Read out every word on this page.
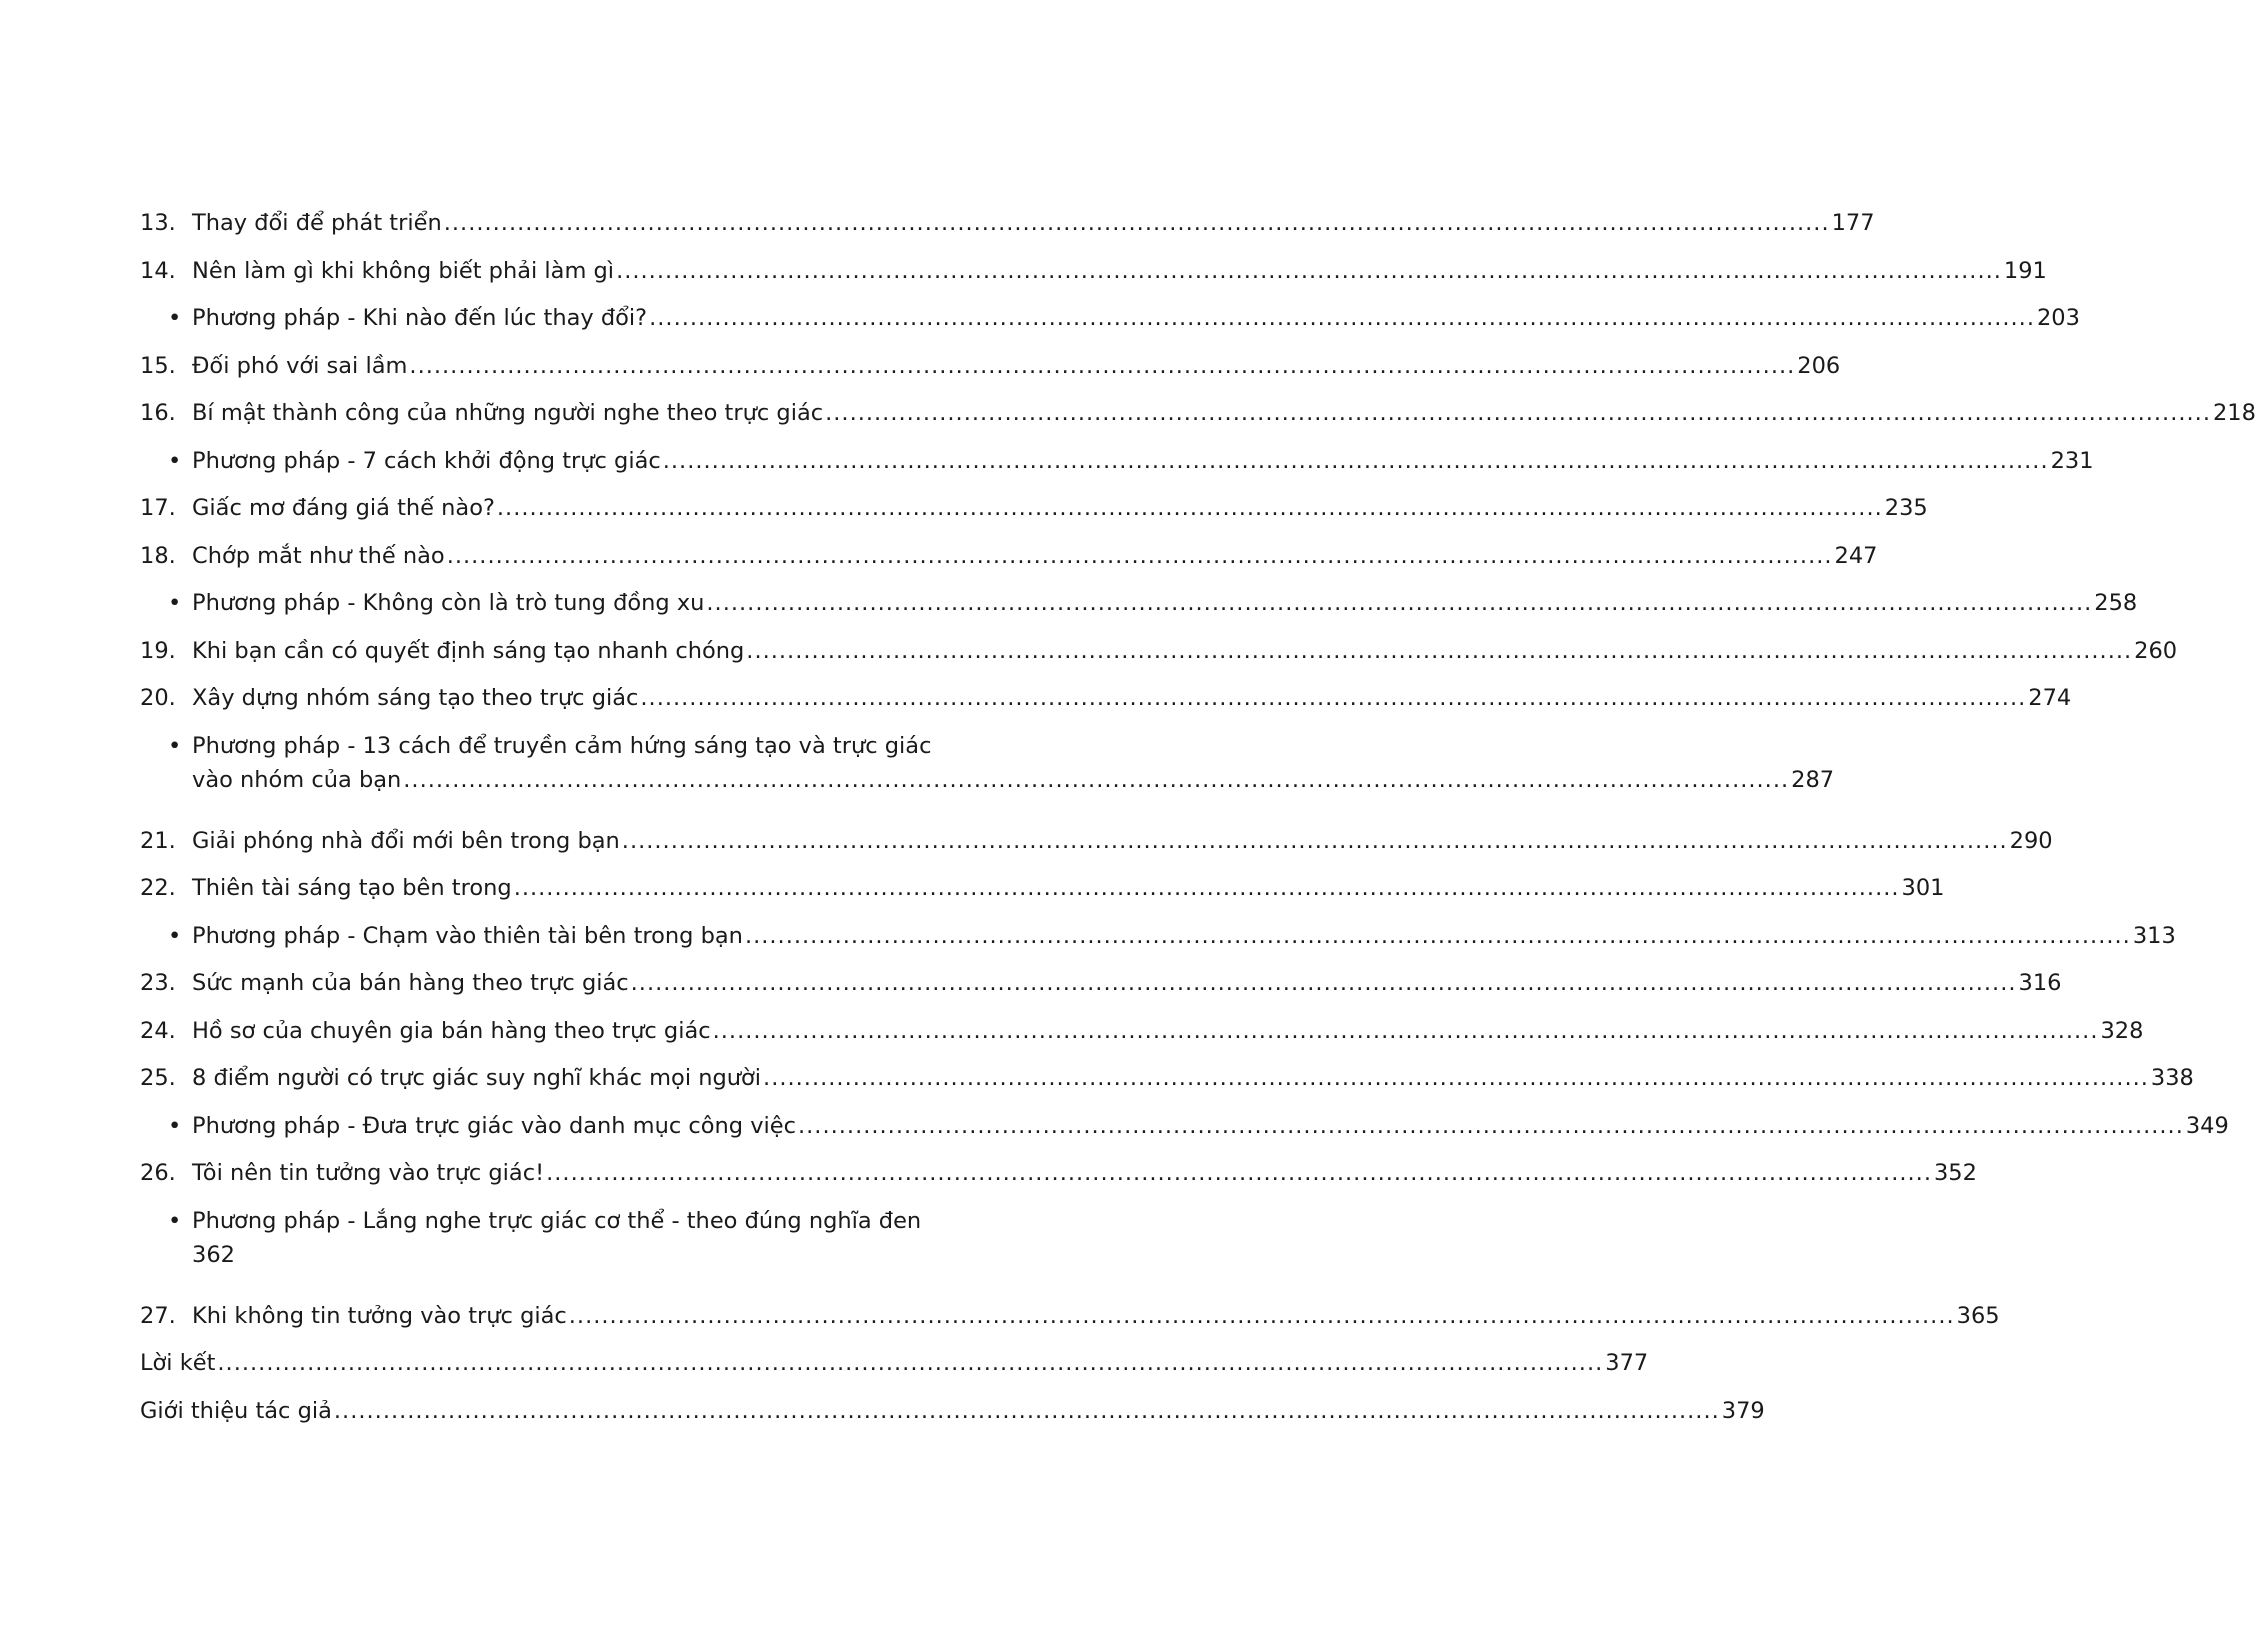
13. Thay đổi để phát triển .....	177
14. Nên làm gì khi không biết phải làm gì .....	191
• Phương pháp - Khi nào đến lúc thay đổi? .....	203
15. Đối phó với sai lầm .....	206
16. Bí mật thành công của những người nghe theo trực giác .....	218
• Phương pháp - 7 cách khởi động trực giác .....	231
17. Giấc mơ đáng giá thế nào? .....	235
18. Chớp mắt như thế nào .....	247
• Phương pháp - Không còn là trò tung đồng xu .....	258
19. Khi bạn cần có quyết định sáng tạo nhanh chóng .....	260
20. Xây dựng nhóm sáng tạo theo trực giác .....	274
• Phương pháp - 13 cách để truyền cảm hứng sáng tạo và trực giác
vào nhóm của bạn .....	287
21. Giải phóng nhà đổi mới bên trong bạn .....	290
22. Thiên tài sáng tạo bên trong .....	301
• Phương pháp - Chạm vào thiên tài bên trong bạn .....	313
23. Sức mạnh của bán hàng theo trực giác .....	316
24. Hồ sơ của chuyên gia bán hàng theo trực giác .....	328
25. 8 điểm người có trực giác suy nghĩ khác mọi người .....	338
• Phương pháp - Đưa trực giác vào danh mục công việc .....	349
26. Tôi nên tin tưởng vào trực giác! .....	352
• Phương pháp - Lắng nghe trực giác cơ thể - theo đúng nghĩa đen
362
27. Khi không tin tưởng vào trực giác .....	365
Lời kết .....	377
Giới thiệu tác giả .....	379
